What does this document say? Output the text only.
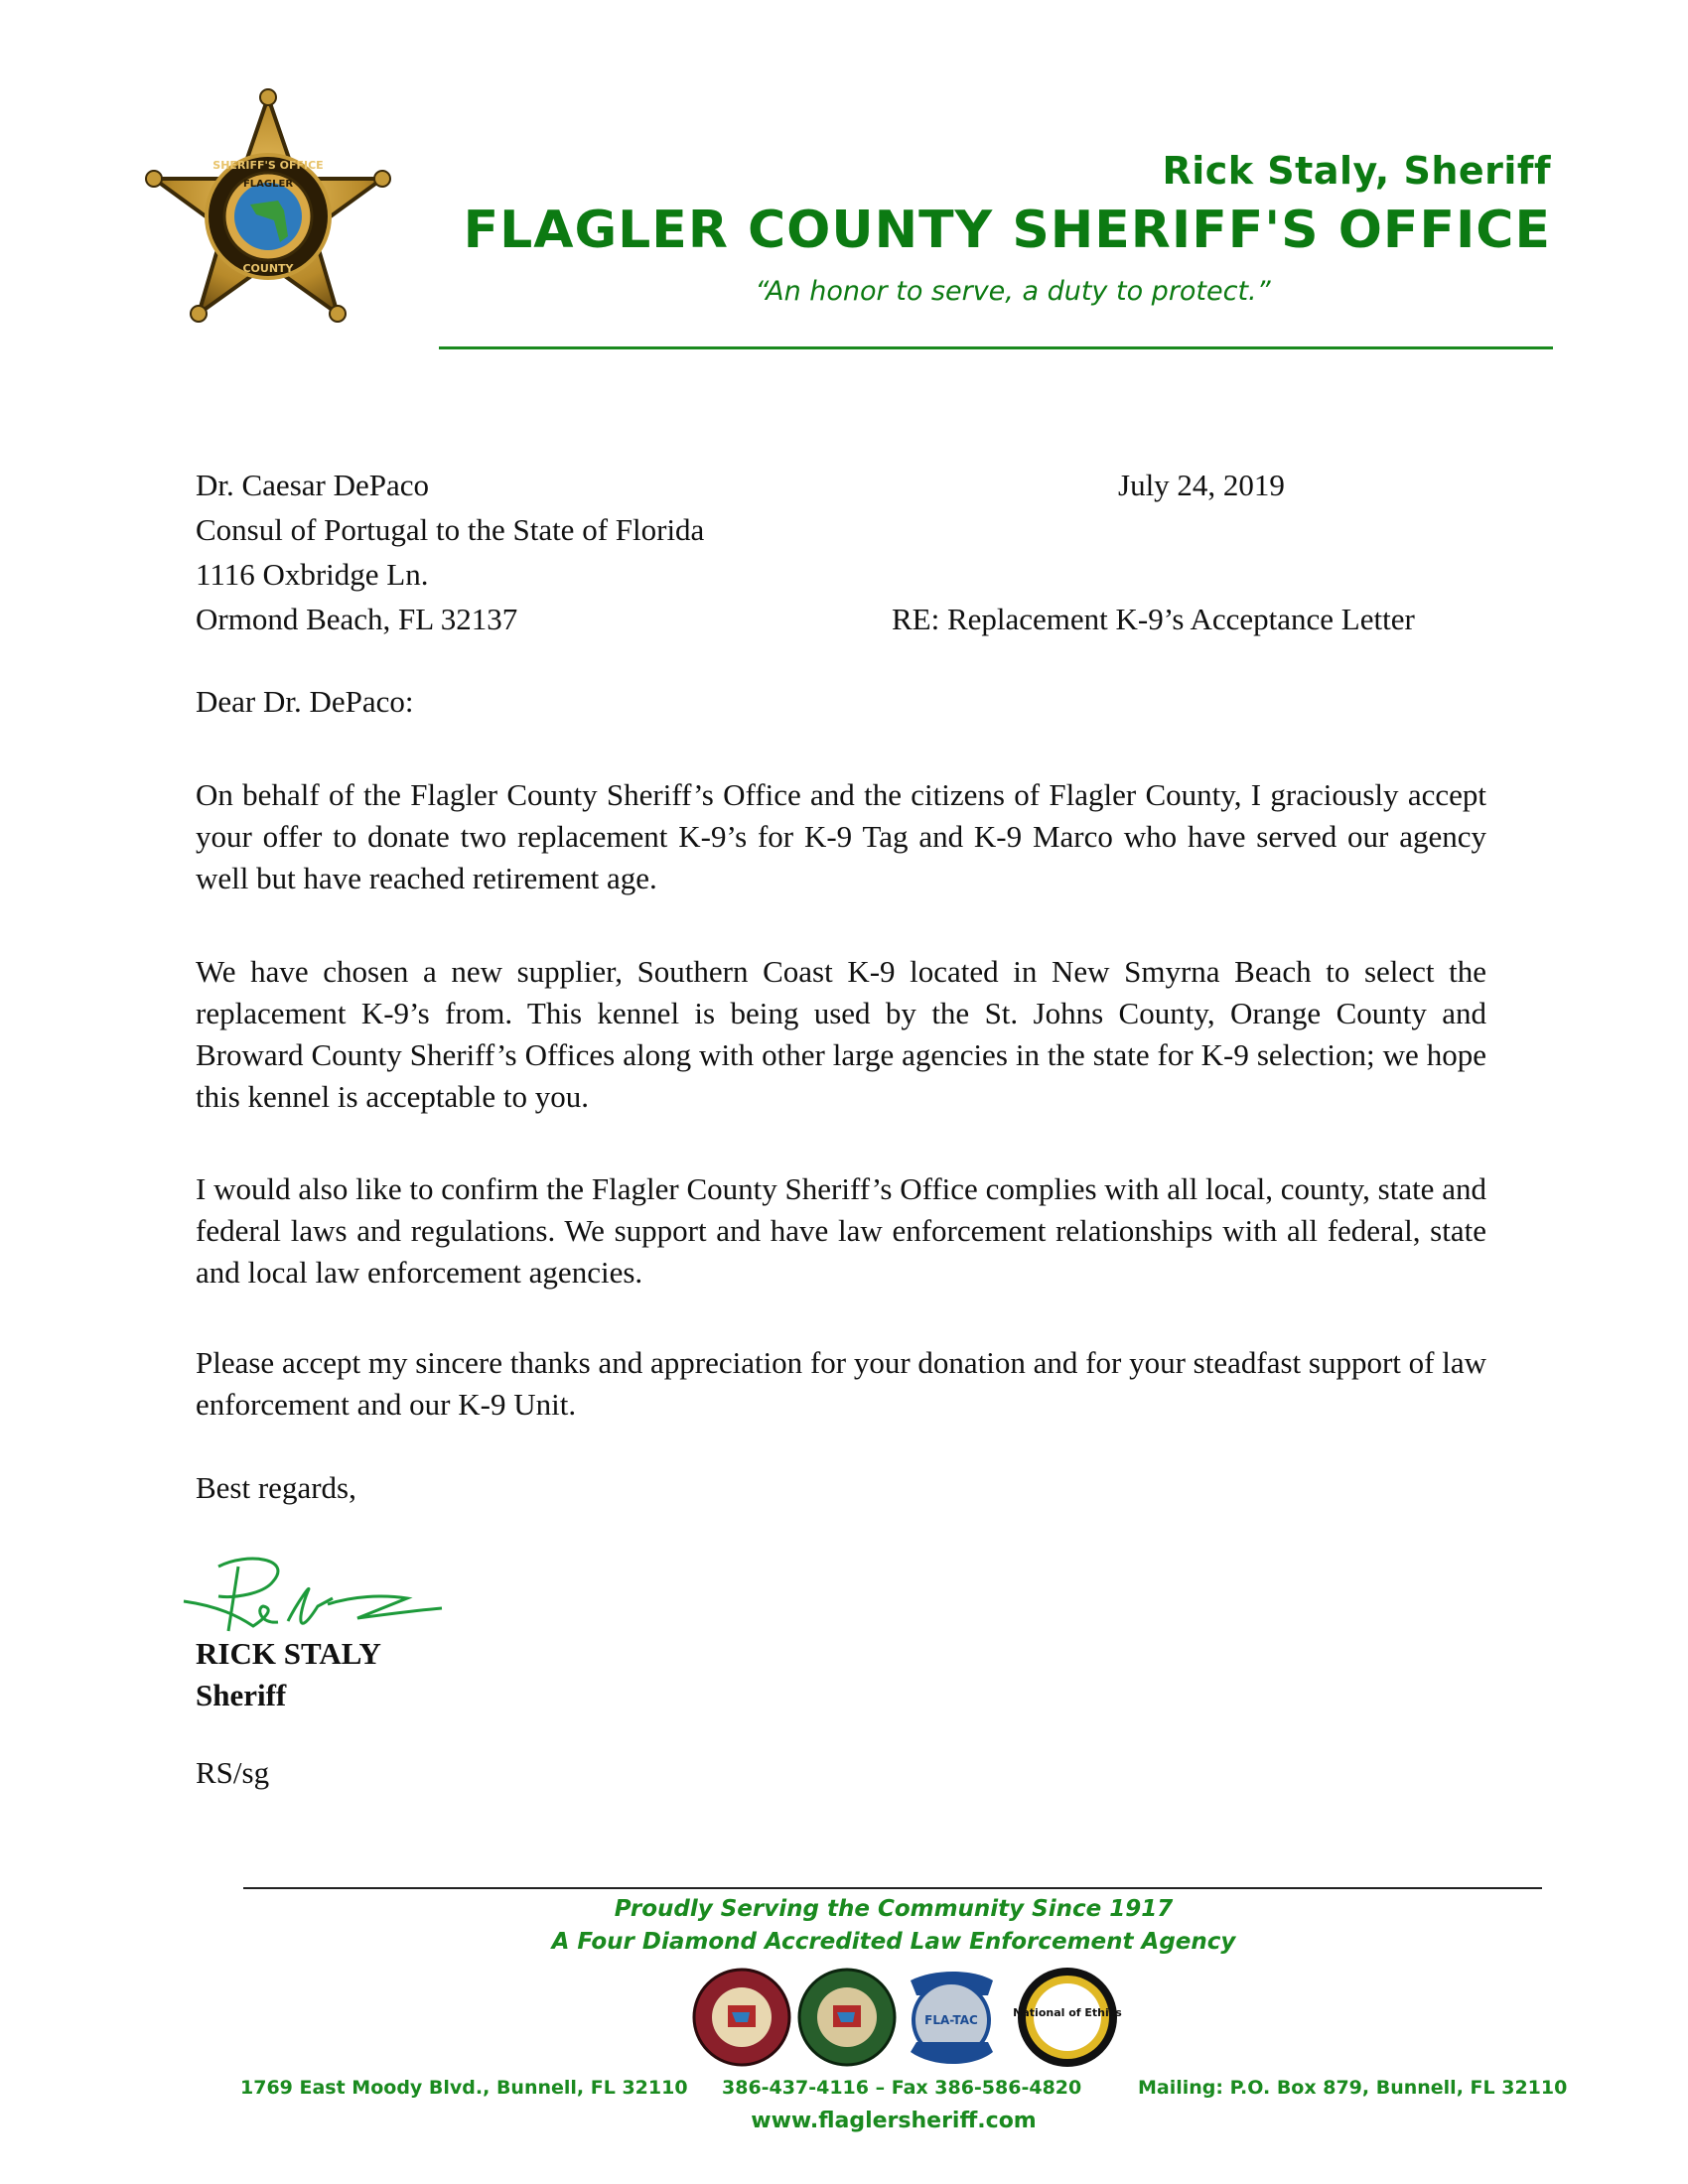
SHERIFF'S OFFICE
FLAGLER
COUNTY
Rick Staly, Sheriff
FLAGLER COUNTY SHERIFF'S OFFICE
“An honor to serve, a duty to protect.”
Dr. Caesar DePaco
Consul of Portugal to the State of Florida
1116 Oxbridge Ln.
Ormond Beach, FL 32137
July 24, 2019
RE: Replacement K-9’s Acceptance Letter
Dear Dr. DePaco:
On behalf of the Flagler County Sheriff’s Office and the citizens of Flagler County, I graciously accept your offer to donate two replacement K-9’s for K-9 Tag and K-9 Marco who have served our agency well but have reached retirement age.
We have chosen a new supplier, Southern Coast K-9 located in New Smyrna Beach to select the replacement K-9’s from. This kennel is being used by the St. Johns County, Orange County and Broward County Sheriff’s Offices along with other large agencies in the state for K-9 selection; we hope this kennel is acceptable to you.
I would also like to confirm the Flagler County Sheriff’s Office complies with all local, county, state and federal laws and regulations. We support and have law enforcement relationships with all federal, state and local law enforcement agencies.
Please accept my sincere thanks and appreciation for your donation and for your steadfast support of law enforcement and our K-9 Unit.
Best regards,
RICK STALY
Sheriff
RS/sg
Proudly Serving the Community Since 1917
A Four Diamond Accredited Law Enforcement Agency
FLA-TAC
National of Ethics
1769 East Moody Blvd., Bunnell, FL 32110 386-437-4116 – Fax 386-586-4820	Mailing: P.O. Box 879, Bunnell, FL 32110
www.flaglersheriff.com
